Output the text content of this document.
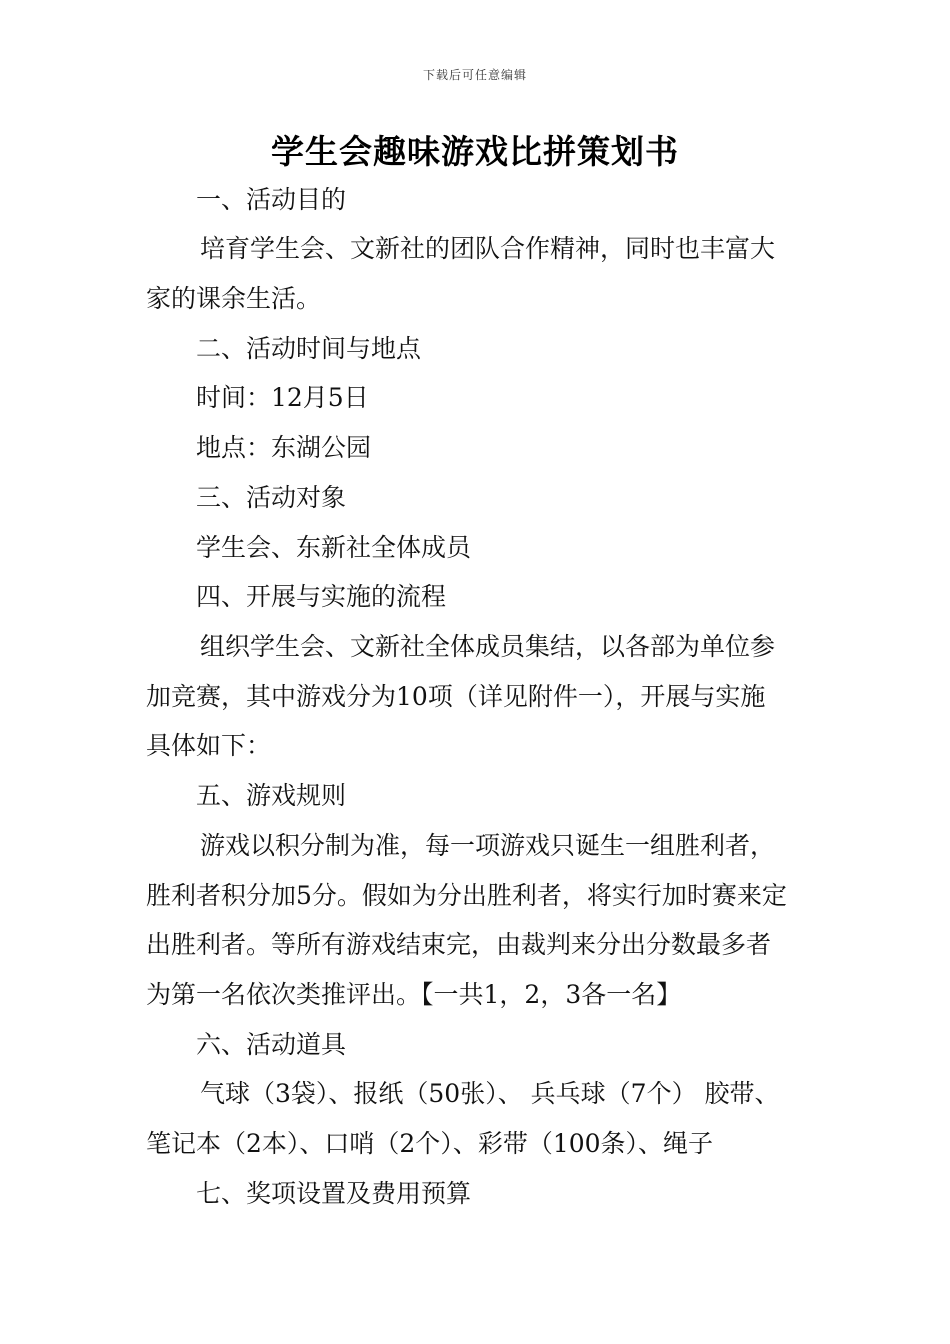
下载后可任意编辑
学生会趣味游戏比拼策划书

一、活动目的

培育学生会、文新社的团队合作精神，同时也丰富大

家的课余生活。

二、活动时间与地点

时间：12月5日

地点：东湖公园

三、活动对象

学生会、东新社全体成员

四、开展与实施的流程

组织学生会、文新社全体成员集结，以各部为单位参

加竞赛，其中游戏分为10项（详见附件一），开展与实施

具体如下：

五、游戏规则

游戏以积分制为准，每一项游戏只诞生一组胜利者，

胜利者积分加5分。假如为分出胜利者，将实行加时赛来定

出胜利者。等所有游戏结束完，由裁判来分出分数最多者

为第一名依次类推评出。【一共1，2，3各一名】

六、活动道具

气球（3袋）、报纸（50张）、 兵乓球（7个） 胶带、

笔记本（2本）、口哨（2个）、彩带（100条）、绳子

七、奖项设置及费用预算
